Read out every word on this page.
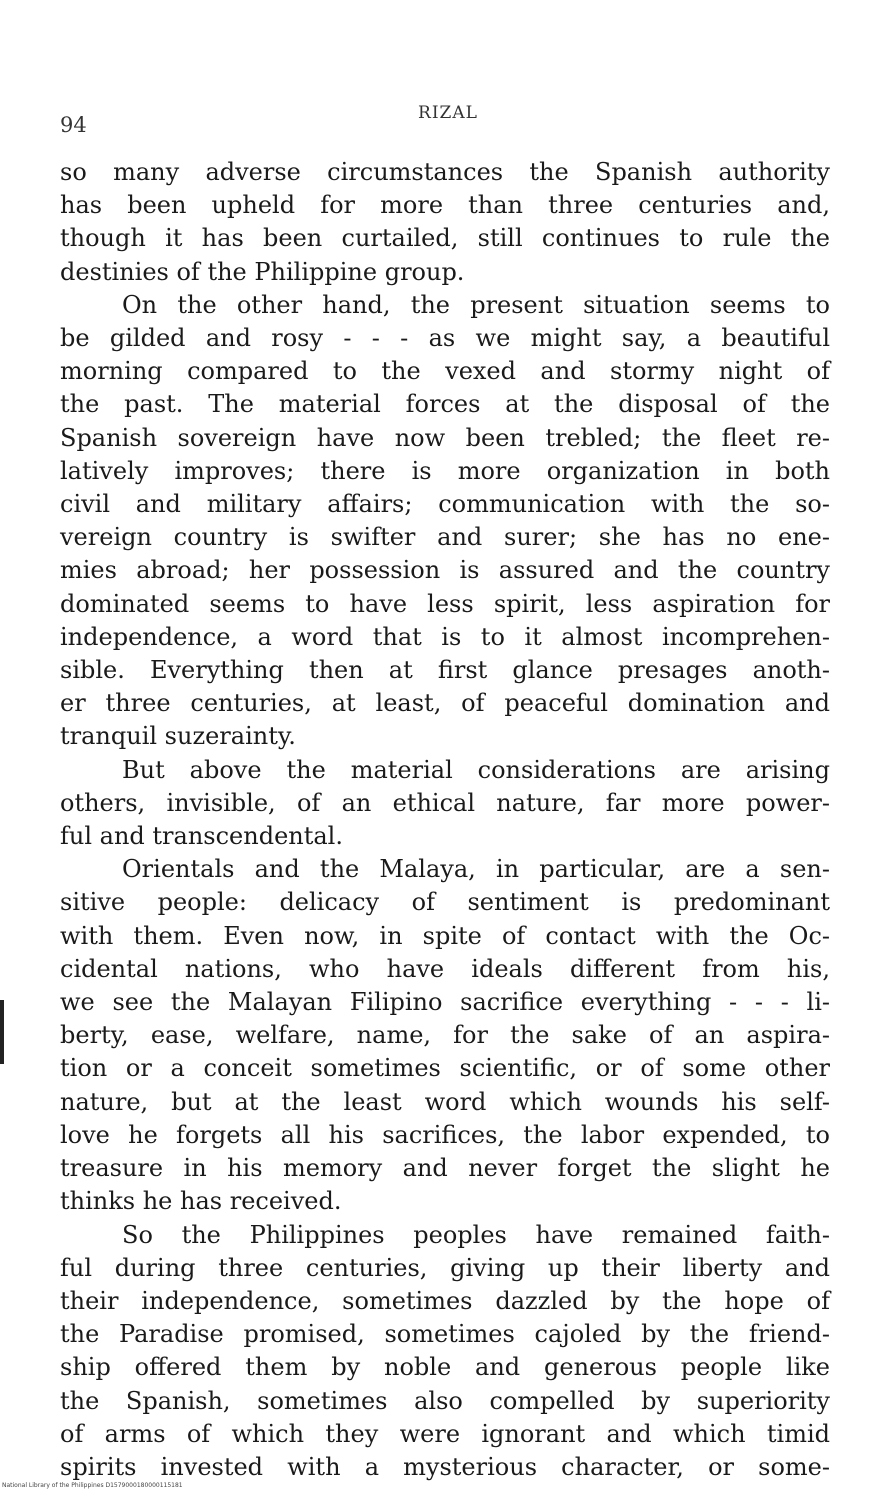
94	RIZAL
so many adverse circumstances the Spanish authority
has been upheld for more than three centuries and,
though it has been curtailed, still continues to rule the
destinies of the Philippine group.
On the other hand, the present situation seems to
be gilded and rosy - - - as we might say, a beautiful
morning compared to the vexed and stormy night of
the past. The material forces at the disposal of the
Spanish sovereign have now been trebled; the fleet re-
latively improves; there is more organization in both
civil and military affairs; communication with the so-
vereign country is swifter and surer; she has no ene-
mies abroad; her possession is assured and the country
dominated seems to have less spirit, less aspiration for
independence, a word that is to it almost incomprehen-
sible. Everything then at first glance presages anoth-
er three centuries, at least, of peaceful domination and
tranquil suzerainty.
But above the material considerations are arising
others, invisible, of an ethical nature, far more power-
ful and transcendental.
Orientals and the Malaya, in particular, are a sen-
sitive people: delicacy of sentiment is predominant
with them. Even now, in spite of contact with the Oc-
cidental nations, who have ideals different from his,
we see the Malayan Filipino sacrifice everything - - - li-
berty, ease, welfare, name, for the sake of an aspira-
tion or a conceit sometimes scientific, or of some other
nature, but at the least word which wounds his self-
love he forgets all his sacrifices, the labor expended, to
treasure in his memory and never forget the slight he
thinks he has received.
So the Philippines peoples have remained faith-
ful during three centuries, giving up their liberty and
their independence, sometimes dazzled by the hope of
the Paradise promised, sometimes cajoled by the friend-
ship offered them by noble and generous people like
the Spanish, sometimes also compelled by superiority
of arms of which they were ignorant and which timid
spirits invested with a mysterious character, or some-
National Library of the Philippines D1579000180000115181
